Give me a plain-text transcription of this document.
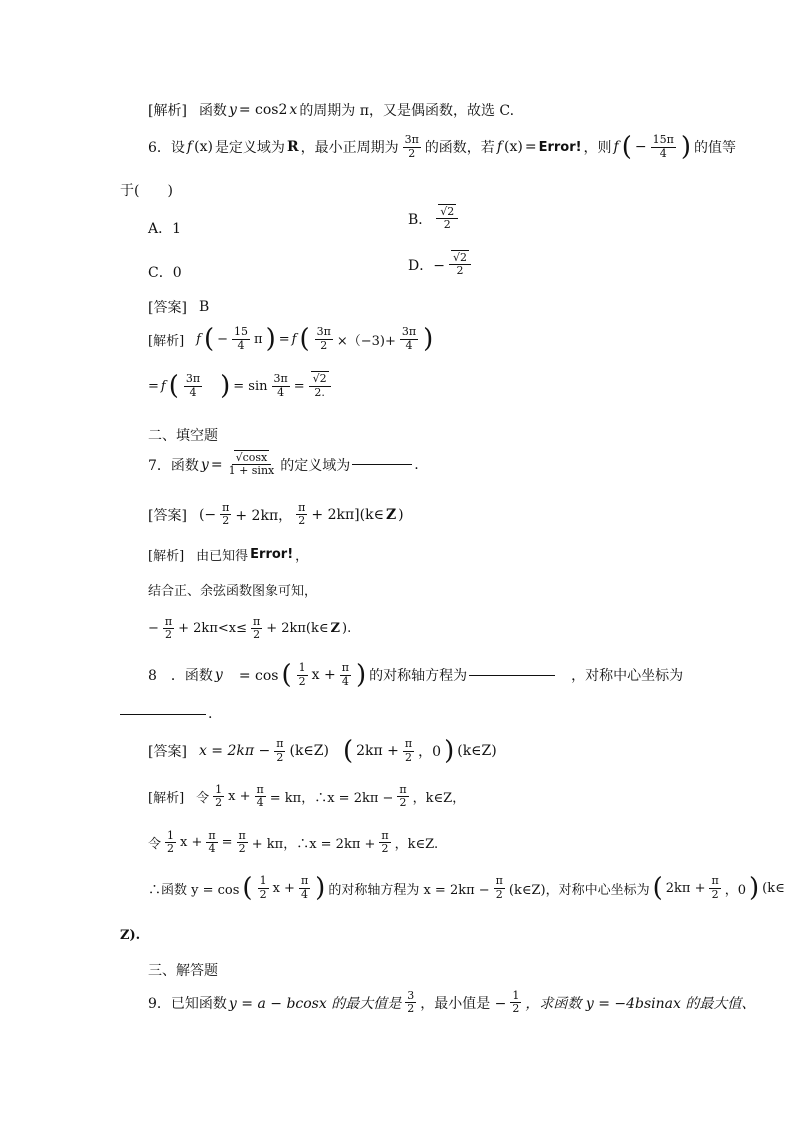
[解析] 函数 y = cos2 x 的周期为 π，又是偶函数，故选 C.
6．设 f (x) 是定义域为 R ，最小正周期为 $\frac{3\pi}{2}$ 的函数，若 f (x) = Error! ，则 f ( − $\frac{15\pi}{4}$ ) 的值等
于(　　)
A．1
B． $\frac{√2}{2}$
C．0	D．− $\frac{√2}{2}$
[答案] B
[解析] f ( − $\frac{15}{4}$ π ) = f ( $\frac{3\pi}{2} \times(-3)+ \frac{3\pi}{4}$ )
= f ( $\frac{3\pi}{4}$ ) = $\sin \frac{3\pi}{4} = \frac{√2}{2.}$
二、填空题
7．函数 $y = \frac{√\cos x}{1 + \sin x}$ 的定义域为	.
[答案] (− $\frac{\pi}{2} + 2k\pi$， $\frac{\pi}{2}$ + 2kπ](k∈ Z )
[解析] 由已知得 Error! ，
结合正、余弦函数图象可知，
− $\frac{\pi}{2} + 2k\pi<x\le \frac{\pi}{2}$ + 2kπ(k∈ Z ).
8　．函数 y 　= cos ( $\frac{1}{2}$ $x + \frac{\pi}{4}$ ) 的对称轴方程为	，对称中心坐标为
.
[答案] $x = 2k\pi - \frac{\pi}{2}$ (k∈Z) ( $2k\pi + \frac{\pi}{2}$ ，0 ) (k∈Z)
[解析] 令 $\frac{1}{2}$ $x + \frac{\pi}{4} = k\pi$，∴x = $2k\pi - \frac{\pi}{2}$ ，k∈Z，
令 $\frac{1}{2}$ $x + \frac{\pi}{4} = \frac{\pi}{2} + k\pi$，∴x = $2k\pi + \frac{\pi}{2}$ ，k∈Z.
∴函数 y = cos ( $\frac{1}{2}$ $x + \frac{\pi}{4}$ ) 的对称轴方程为 $x = 2k\pi - \frac{\pi}{2}$ (k∈Z)，对称中心坐标为 ( $2k\pi + \frac{\pi}{2}$ ，0 ) (k∈
Z).
三、解答题
9．已知函数 y = a − bcosx 的最大值是 $\frac{3}{2}$ ，最小值是 − $\frac{1}{2}$ ，求函数 y = −4bsinax 的最大值、
